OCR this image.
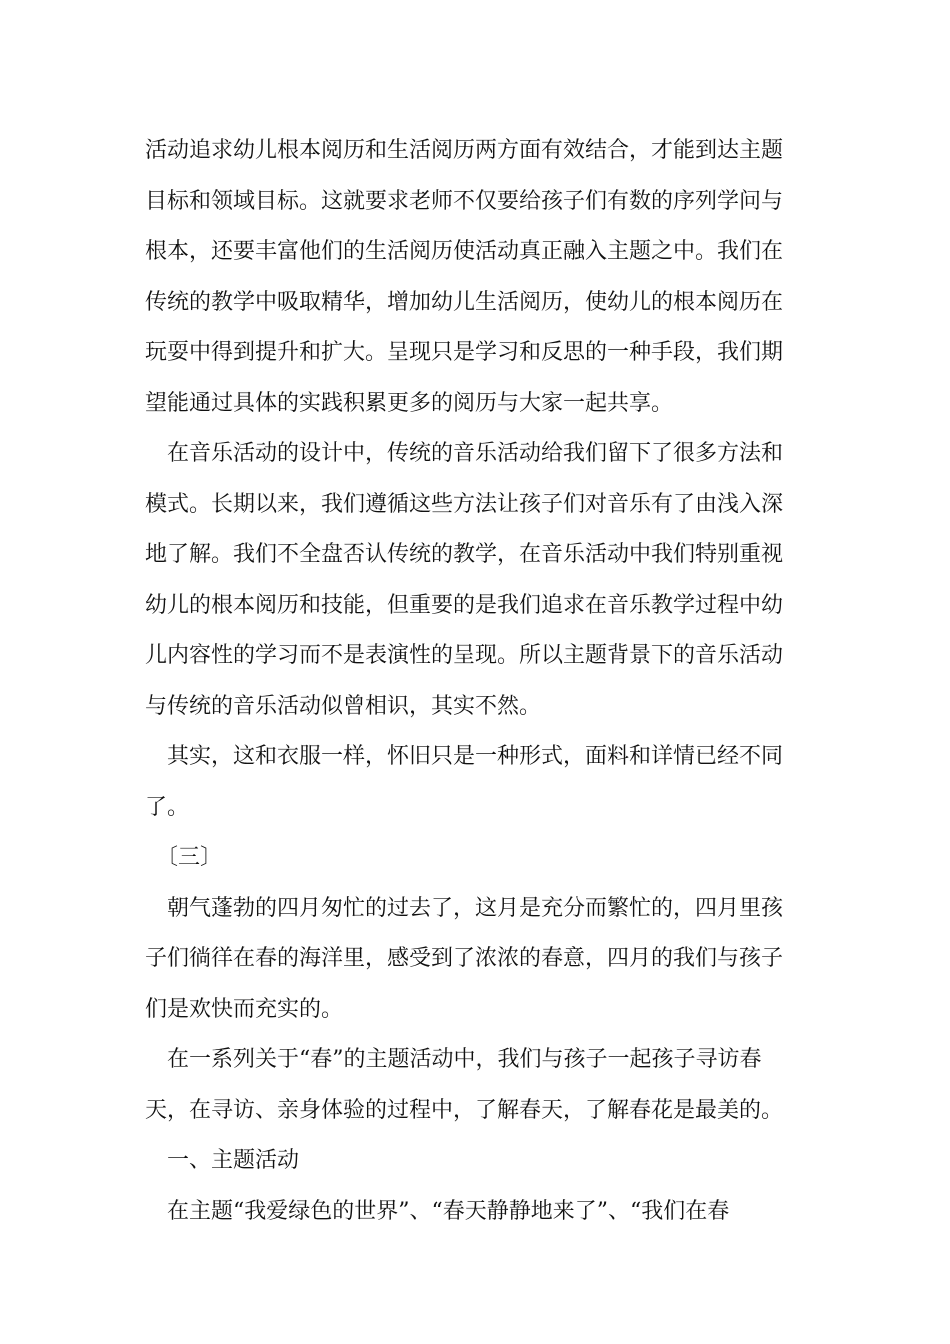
活动追求幼儿根本阅历和生活阅历两方面有效结合，才能到达主题
目标和领域目标。这就要求老师不仅要给孩子们有数的序列学问与
根本，还要丰富他们的生活阅历使活动真正融入主题之中。我们在
传统的教学中吸取精华，增加幼儿生活阅历，使幼儿的根本阅历在
玩耍中得到提升和扩大。呈现只是学习和反思的一种手段，我们期
望能通过具体的实践积累更多的阅历与大家一起共享。
　在音乐活动的设计中，传统的音乐活动给我们留下了很多方法和
模式。长期以来，我们遵循这些方法让孩子们对音乐有了由浅入深
地了解。我们不全盘否认传统的教学，在音乐活动中我们特别重视
幼儿的根本阅历和技能，但重要的是我们追求在音乐教学过程中幼
儿内容性的学习而不是表演性的呈现。所以主题背景下的音乐活动
与传统的音乐活动似曾相识，其实不然。
　其实，这和衣服一样，怀旧只是一种形式，面料和详情已经不同
了。
　〔三〕
　朝气蓬勃的四月匆忙的过去了，这月是充分而繁忙的，四月里孩
子们徜徉在春的海洋里，感受到了浓浓的春意，四月的我们与孩子
们是欢快而充实的。
　在一系列关于“春”的主题活动中，我们与孩子一起孩子寻访春
天，在寻访、亲身体验的过程中，了解春天，了解春花是最美的。
　一、主题活动
　在主题“我爱绿色的世界”、“春天静静地来了”、“我们在春
